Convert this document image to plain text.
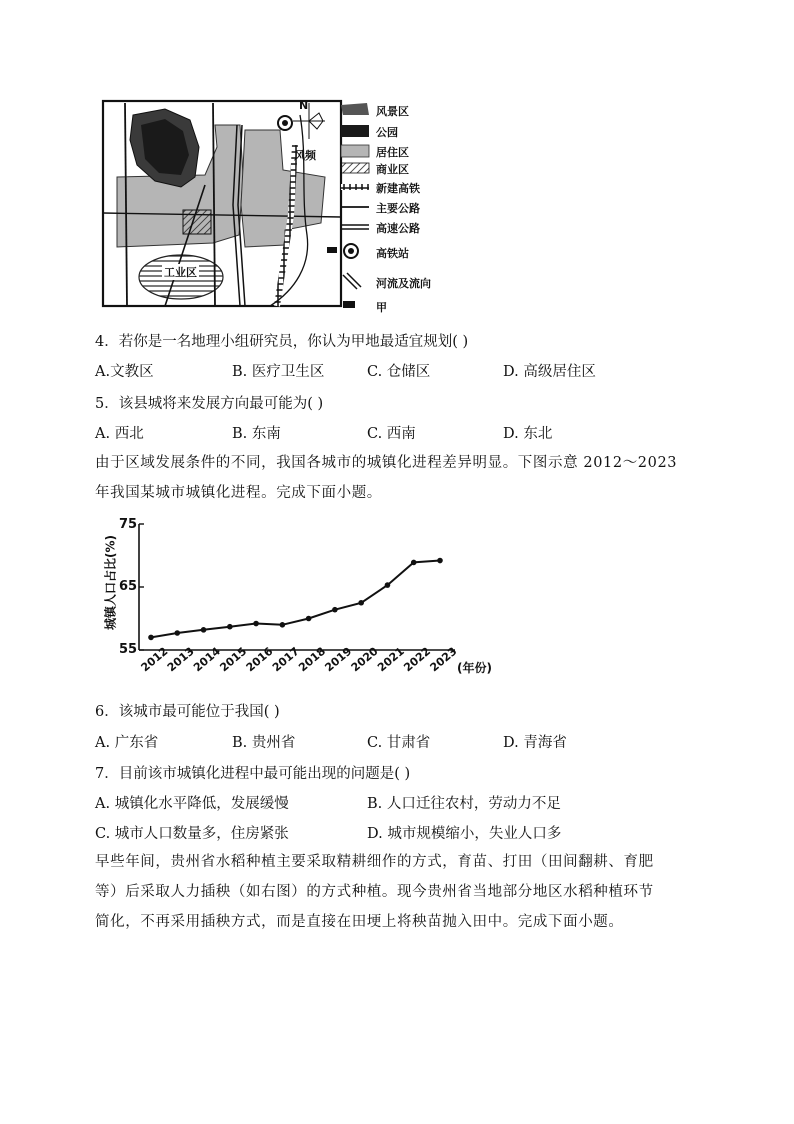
N
风频
工业区
风景区
公园
居住区
商业区
新建高铁
主要公路
高速公路
高铁站
河流及流向
甲
4．若你是一名地理小组研究员，你认为甲地最适宜规划( )
A.文教区	B. 医疗卫生区	C. 仓储区	D. 高级居住区
5．该县城将来发展方向最可能为( )
A. 西北	B. 东南	C. 西南	D. 东北
由于区域发展条件的不同，我国各城市的城镇化进程差异明显。下图示意 2012～2023
年我国某城市城镇化进程。完成下面小题。
2012
2013
2014
2015
2016
2017
2018
2019
2020
2021
2022
2023
城镇人口占比(%)
75
65
55
(年份)
6．该城市最可能位于我国( )
A. 广东省	B. 贵州省	C. 甘肃省	D. 青海省
7．目前该市城镇化进程中最可能出现的问题是( )
A. 城镇化水平降低，发展缓慢	B. 人口迁往农村，劳动力不足
C. 城市人口数量多，住房紧张	D. 城市规模缩小，失业人口多
早些年间，贵州省水稻种植主要采取精耕细作的方式，育苗、打田（田间翻耕、育肥
等）后采取人力插秧（如右图）的方式种植。现今贵州省当地部分地区水稻种植环节
简化，不再采用插秧方式，而是直接在田埂上将秧苗抛入田中。完成下面小题。
